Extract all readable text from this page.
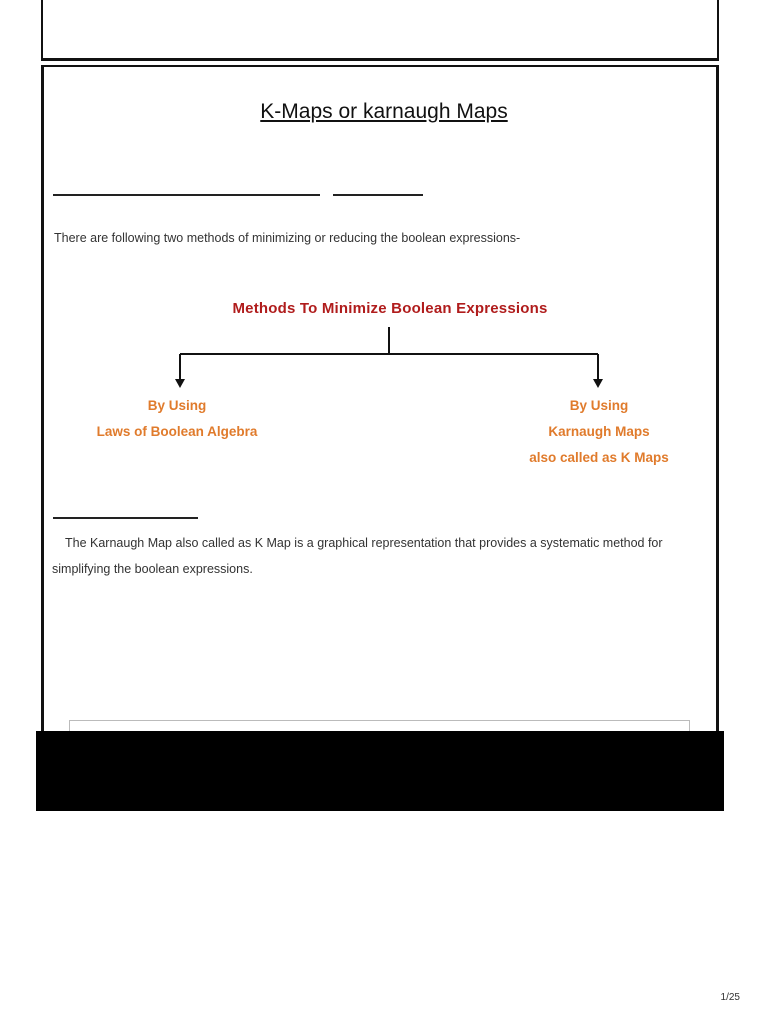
K-Maps or karnaugh Maps
There are following two methods of minimizing or reducing the boolean expressions-
Methods To Minimize Boolean Expressions
By Using
Laws of Boolean Algebra
By Using
Karnaugh Maps
also called as K Maps
The Karnaugh Map also called as K Map is a graphical representation that provides a systematic method for simplifying the boolean expressions.
1/25
